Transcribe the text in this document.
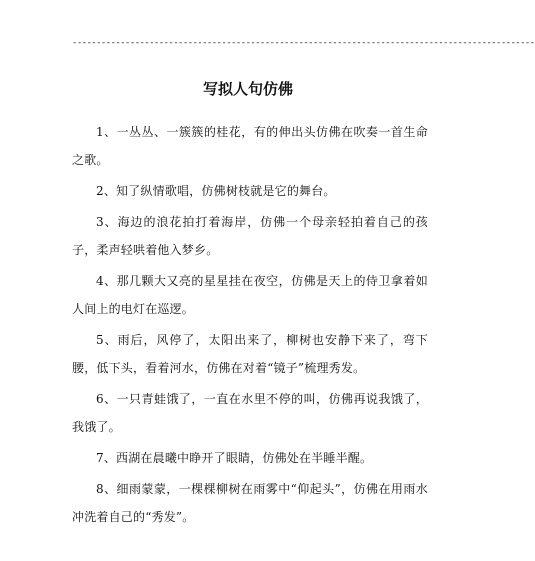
------------------------------------------------------------------------------------------------
写拟人句仿佛

1、一丛丛、一簇簇的桂花，有的伸出头仿佛在吹奏一首生命之歌。

2、知了纵情歌唱，仿佛树枝就是它的舞台。

3、海边的浪花拍打着海岸，仿佛一个母亲轻拍着自己的孩子，柔声轻哄着他入梦乡。

4、那几颗大又亮的星星挂在夜空，仿佛是天上的侍卫拿着如人间上的电灯在巡逻。

5、雨后，风停了，太阳出来了，柳树也安静下来了，弯下腰，低下头，看着河水，仿佛在对着“镜子”梳理秀发。

6、一只青蛙饿了，一直在水里不停的叫，仿佛再说我饿了，我饿了。

7、西湖在晨曦中睁开了眼睛，仿佛处在半睡半醒。

8、细雨蒙蒙，一棵棵柳树在雨雾中“仰起头”，仿佛在用雨水冲洗着自己的“秀发”。
